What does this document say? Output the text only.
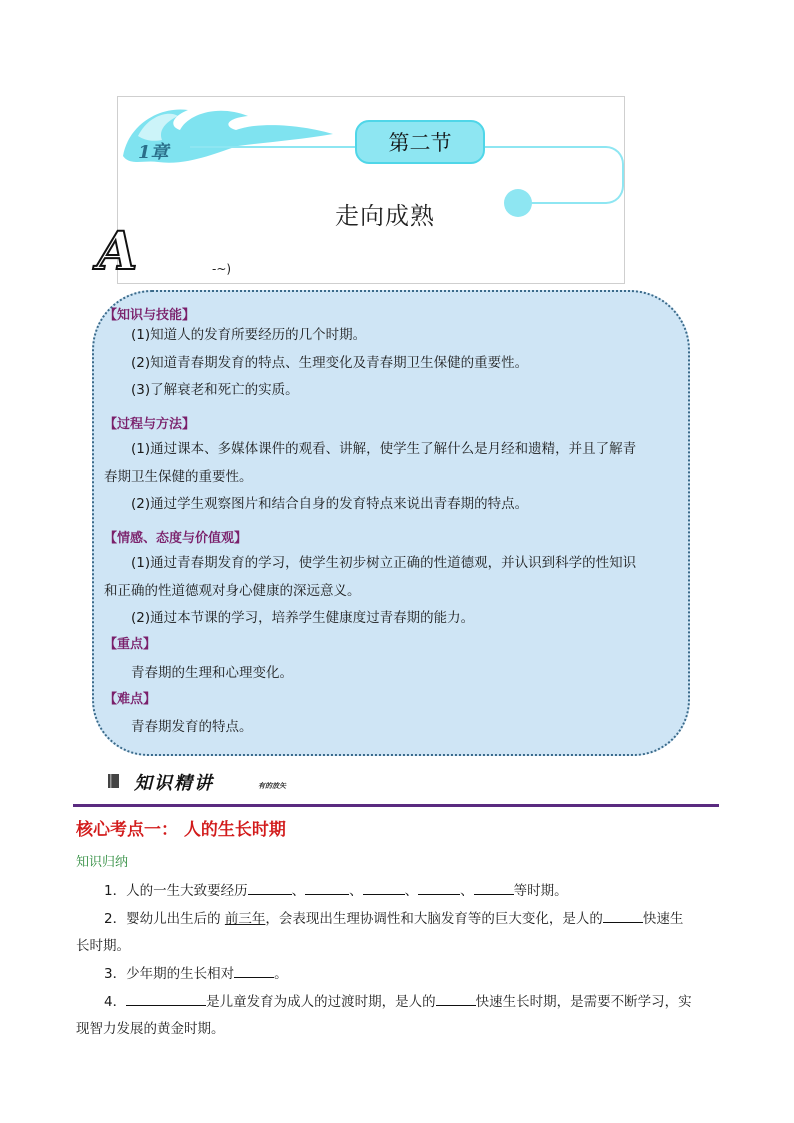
1章	第二节
走向成熟
A	-~)
【知识与技能】
(1)知道人的发育所要经历的几个时期。
(2)知道青春期发育的特点、生理变化及青春期卫生保健的重要性。
(3)了解衰老和死亡的实质。
【过程与方法】
(1)通过课本、多媒体课件的观看、讲解，使学生了解什么是月经和遗精，并且了解青
春期卫生保健的重要性。
(2)通过学生观察图片和结合自身的发育特点来说出青春期的特点。
【情感、态度与价值观】
(1)通过青春期发育的学习，使学生初步树立正确的性道德观，并认识到科学的性知识
和正确的性道德观对身心健康的深远意义。
(2)通过本节课的学习，培养学生健康度过青春期的能力。
【重点】
青春期的生理和心理变化。
【难点】
青春期发育的特点。
知识精讲	有的放矢
核心考点一： 人的生长时期
知识归纳
1．人的一生大致要经历	、	、	、	、	等时期。
2．婴幼儿出生后的 前三年，会表现出生理协调性和大脑发育等的巨大变化，是人的	快速生
长时期。
3．少年期的生长相对	。
4．	是儿童发育为成人的过渡时期，是人的	快速生长时期，是需要不断学习，实
现智力发展的黄金时期。
